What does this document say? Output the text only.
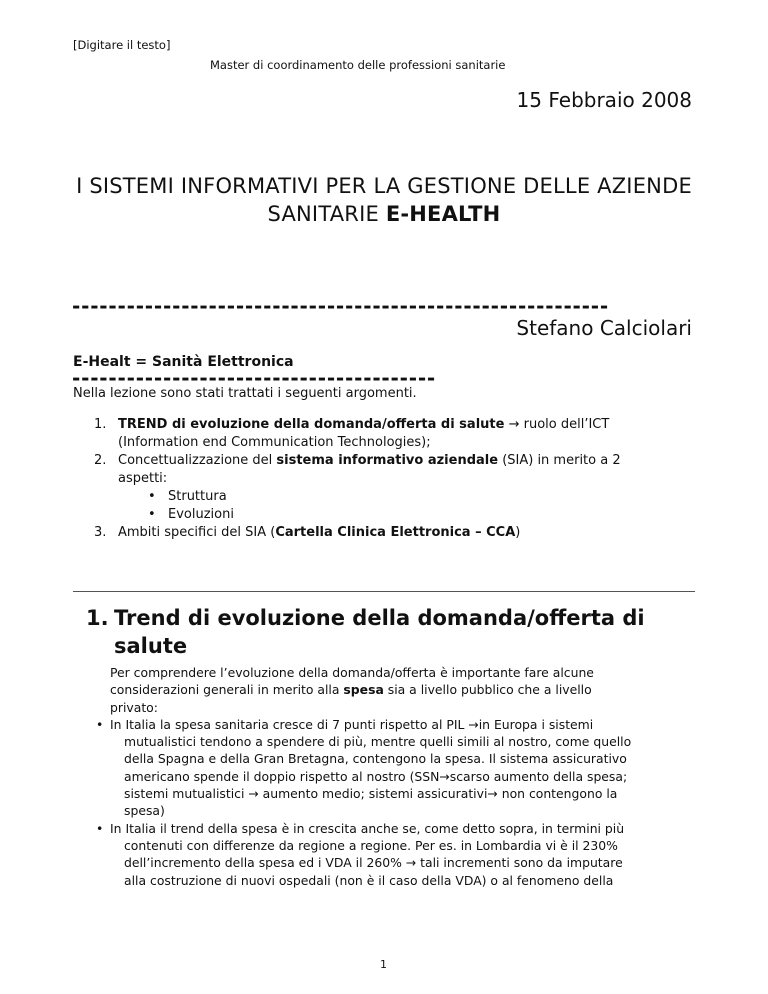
[Digitare il testo]
Master di coordinamento delle professioni sanitarie
15 Febbraio 2008
I SISTEMI INFORMATIVI PER LA GESTIONE DELLE AZIENDE
SANITARIE E-HEALTH

-----------------------------------------------------------

----------------------------------------

Stefano Calciolari
E-Healt = Sanità Elettronica
Nella lezione sono stati trattati i seguenti argomenti.
1. TREND di evoluzione della domanda/offerta di salute → ruolo dell’ICT
(Information end Communication Technologies);
2. Concettualizzazione del sistema informativo aziendale (SIA) in merito a 2
aspetti:
• Struttura
• Evoluzioni
3. Ambiti specifici del SIA (Cartella Clinica Elettronica – CCA)
1. Trend di evoluzione della domanda/offerta di
salute
Per comprendere l’evoluzione della domanda/offerta è importante fare alcune
considerazioni generali in merito alla spesa sia a livello pubblico che a livello
privato:
• In Italia la spesa sanitaria cresce di 7 punti rispetto al PIL →in Europa i sistemi
mutualistici tendono a spendere di più, mentre quelli simili al nostro, come quello
della Spagna e della Gran Bretagna, contengono la spesa. Il sistema assicurativo
americano spende il doppio rispetto al nostro (SSN→scarso aumento della spesa;
sistemi mutualistici → aumento medio; sistemi assicurativi→ non contengono la
spesa)
• In Italia il trend della spesa è in crescita anche se, come detto sopra, in termini più
contenuti con differenze da regione a regione. Per es. in Lombardia vi è il 230%
dell’incremento della spesa ed i VDA il 260% → tali incrementi sono da imputare
alla costruzione di nuovi ospedali (non è il caso della VDA) o al fenomeno della
1
